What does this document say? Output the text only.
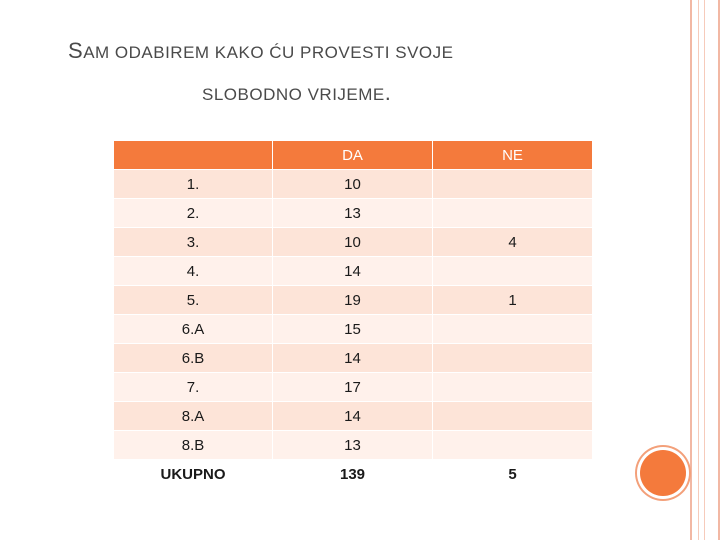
SAM ODABIREM KAKO ĆU PROVESTI SVOJE
SLOBODNO VRIJEME.
	DA	NE
1.	10	
2.	13	
3.	10	4
4.	14	
5.	19	1
6.A	15	
6.B	14	
7.	17	
8.A	14	
8.B	13	
UKUPNO	139	5
